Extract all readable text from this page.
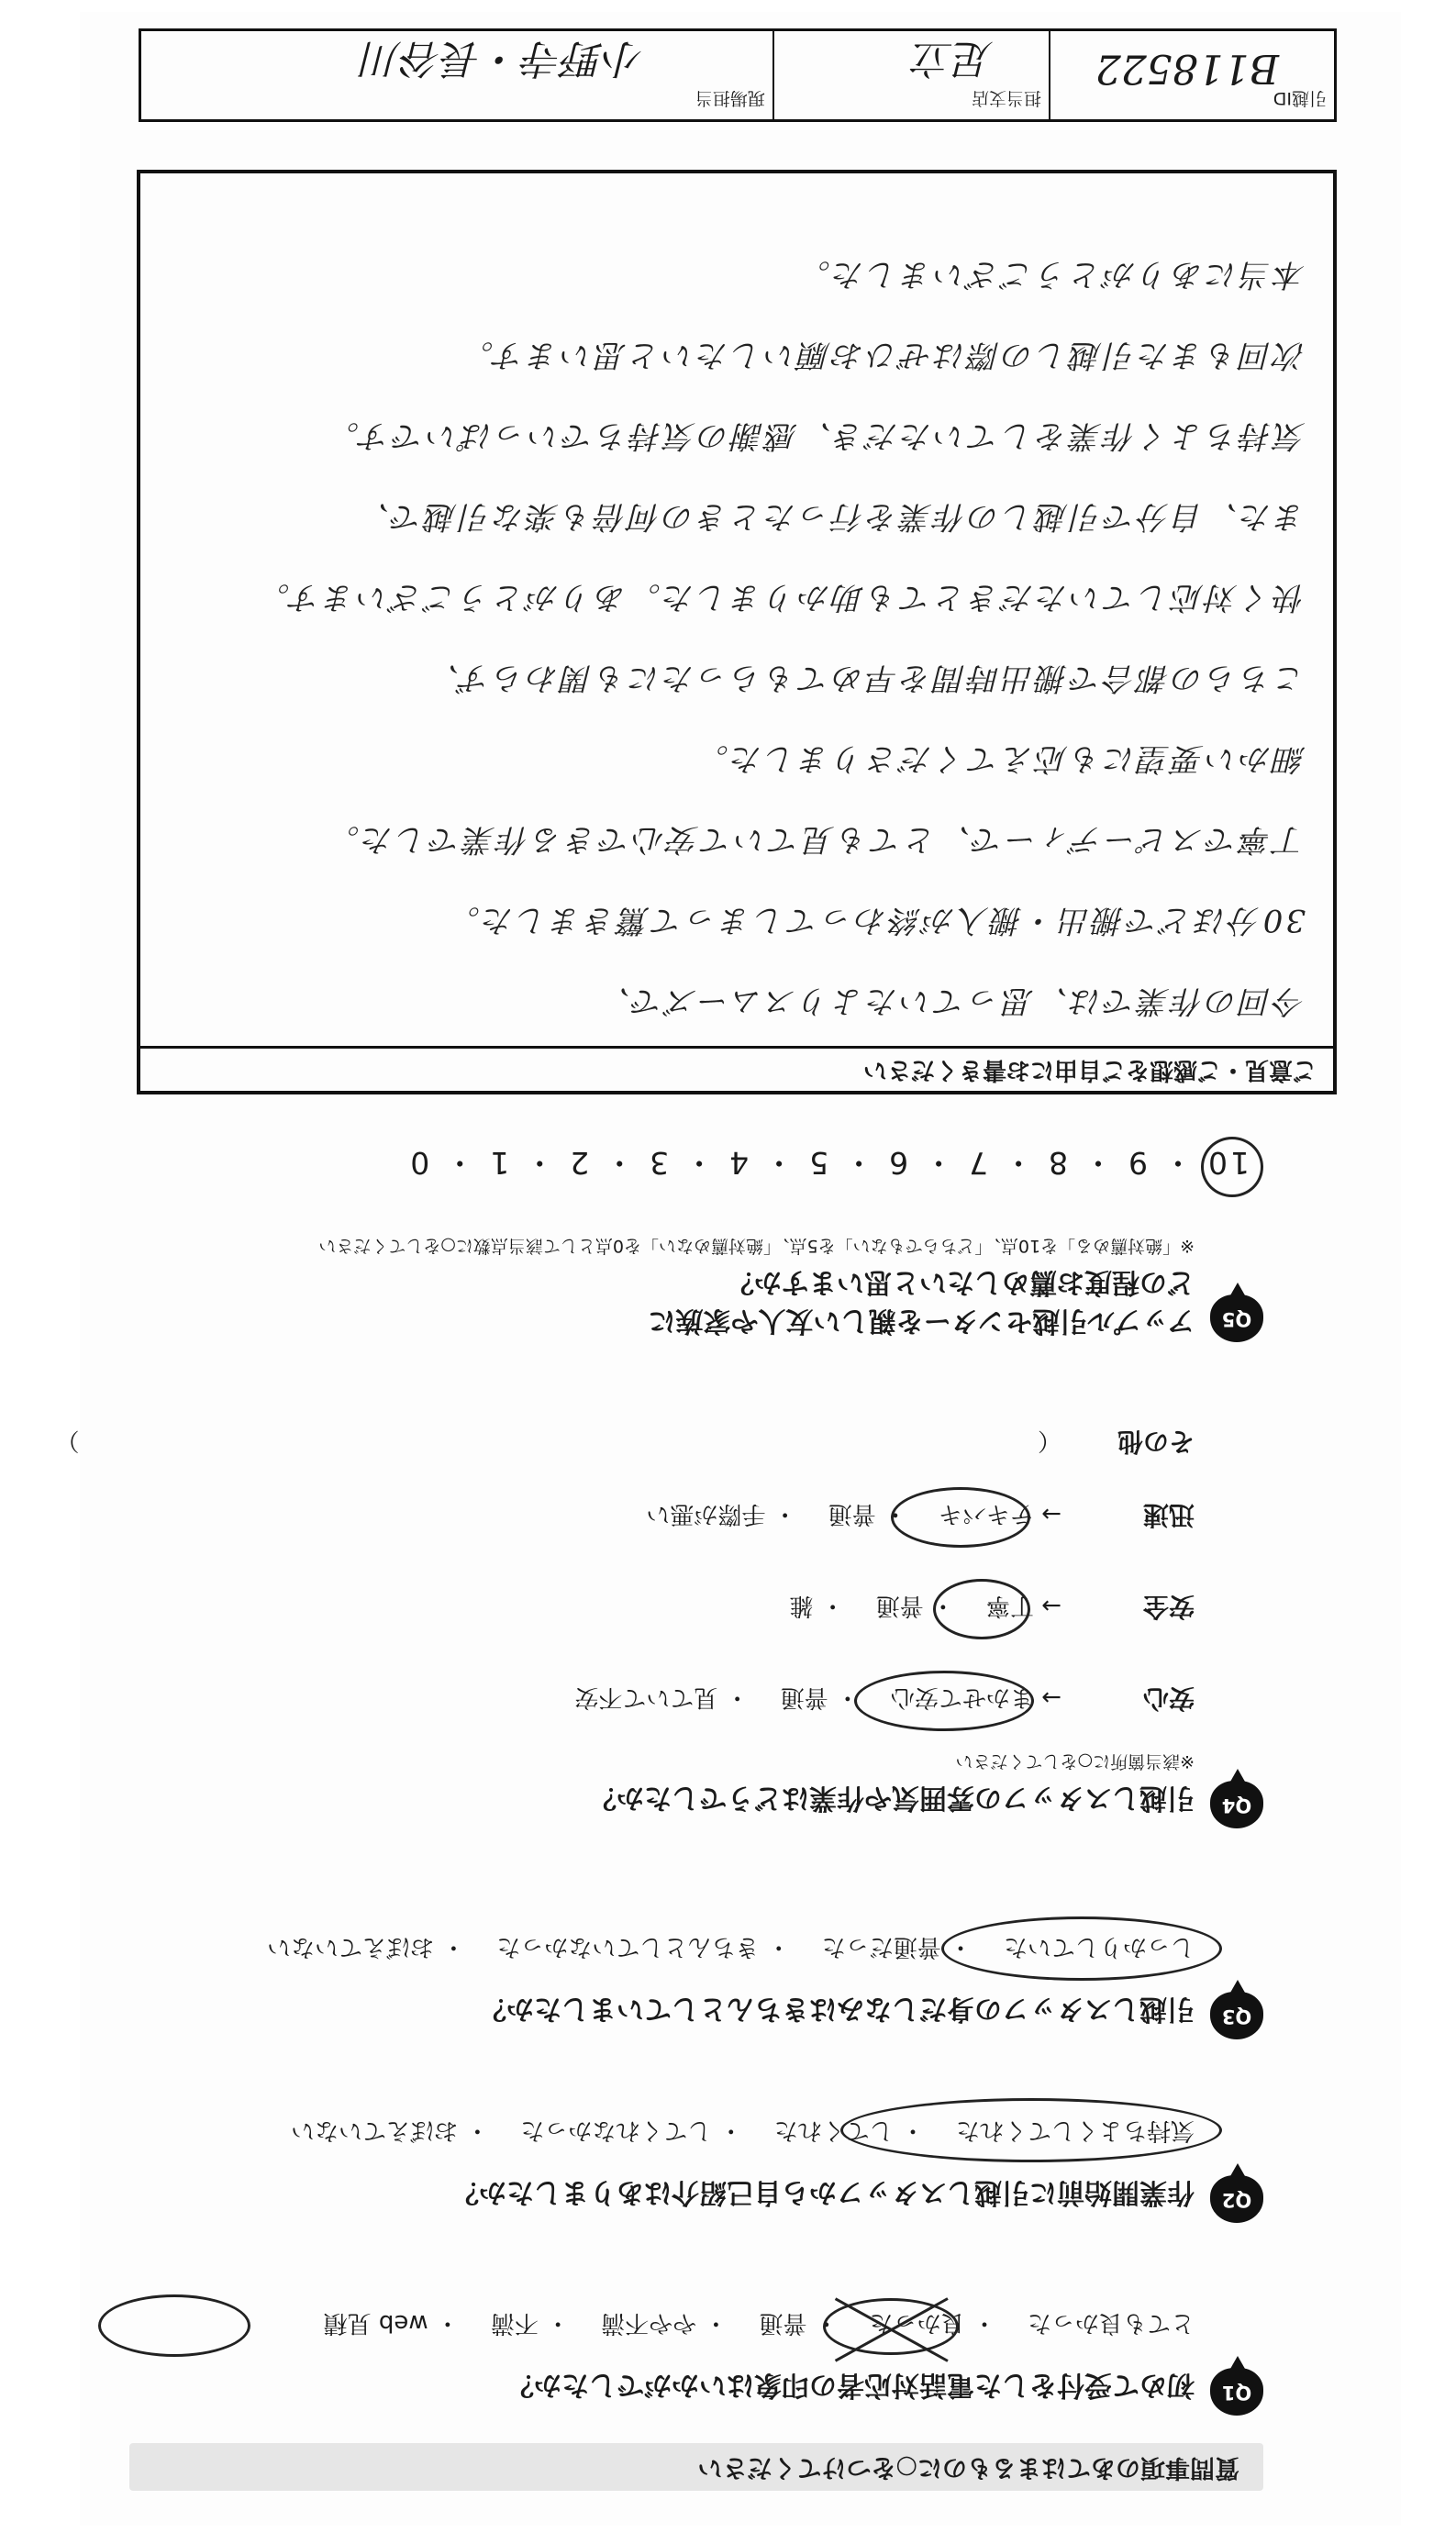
質問事項のあてはまるものに○をつけてください
Q1
初めて受付をした電話対応者の印象はいかがでしたか？
とても良かった・ 良かった・ 普通・ やや不満・ 不満・ web 見積
Q2
作業開始前に引越しスタッフから自己紹介はありましたか？
気持ちよくしてくれた・ してくれた・ してくれなかった・ おぼえていない
Q3
引越しスタッフの身だしなみはきちんとしていましたか？
しっかりしていた・ 普通だった・ きちんとしていなかった・ おぼえていない
Q4
引越しスタッフの雰囲気や作業はどうでしたか？
※該当箇所に○をしてください
安心
→ まかせて安心・ 普通・ 見ていて不安
安全
→ 丁寧・ 普通・ 雑
迅速
→ テキパキ・ 普通・ 手際が悪い
その他
（  ）
Q5
アップル引越センターを親しい友人や家族に
どの程度お薦めしたいと思いますか？
※「絶対薦める」を10点、「どちらでもない」を5点、「絶対薦めない」を0点として該当点数に○をしてください
10 ・ 9 ・ 8 ・ 7 ・ 6 ・ 5 ・ 4 ・ 3 ・ 2 ・ 1 ・ 0
ご意見・ご感想をご自由にお書きください
今回の作業では、思っていたよりスムーズで、
30分ほどで搬出・搬入が終わってしまって驚きました。
丁寧でスピーディーで、とても見ていて安心できる作業でした。
細かい要望にも応えてくださりました。
こちらの都合で搬出時間を早めてもらったにも関わらず、
快く対応していただきとても助かりました。ありがとうございます。
また、自分で引越しの作業を行ったときの何倍も楽な引越で、
気持ちよく作業をしていただき、感謝の気持ちでいっぱいです。
次回もまた引越しの際はぜひお願いしたいと思います。
本当にありがとうございました。
引越ID
B118522
担当支店
足立
現場担当
小野寺・長谷川
